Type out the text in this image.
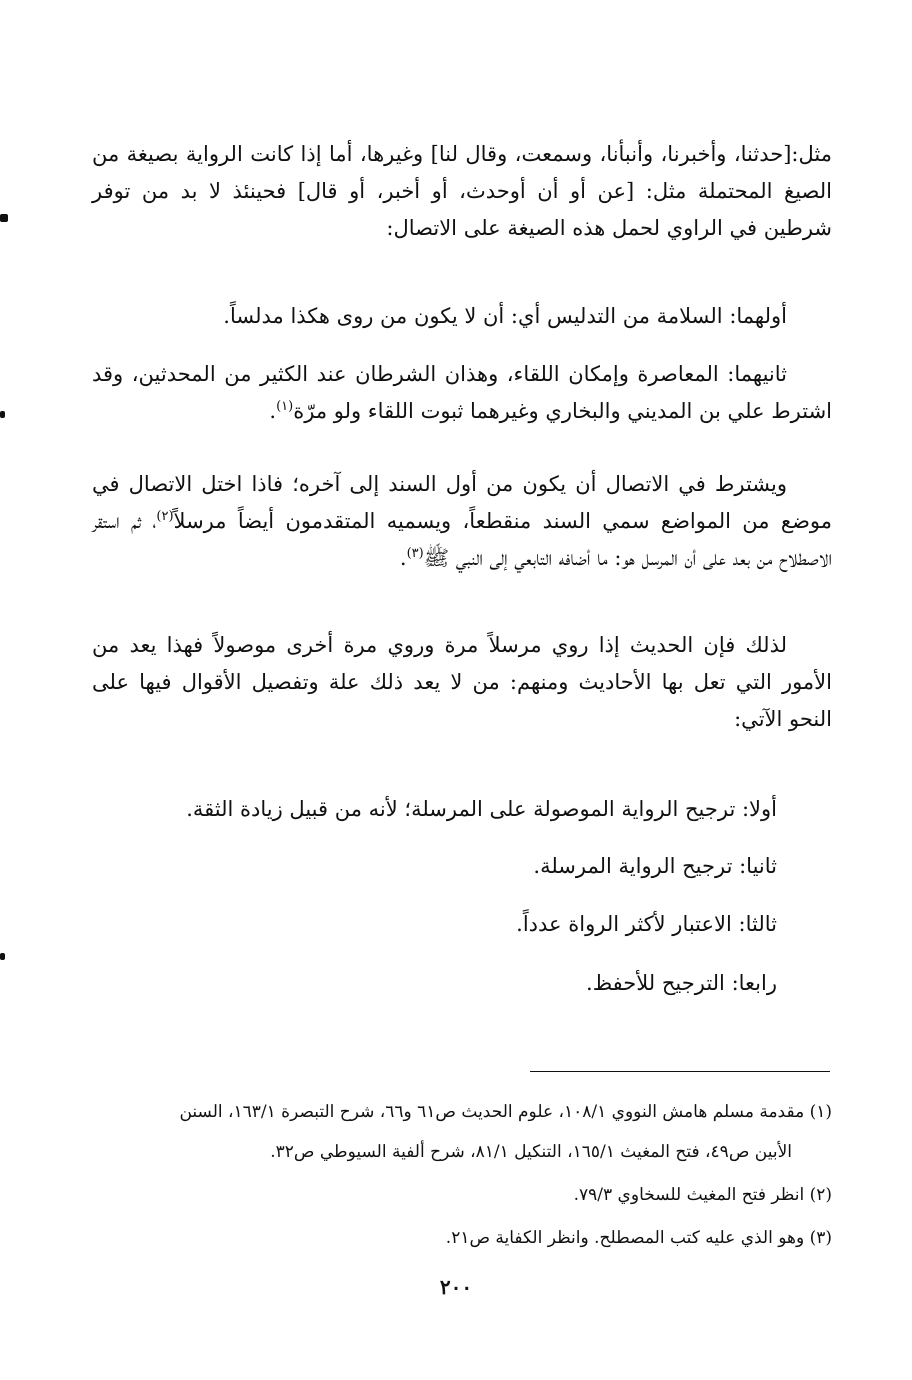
مثل:[حدثنا، وأخبرنا، وأنبأنا، وسمعت، وقال لنا] وغيرها، أما إذا كانت الرواية بصيغة من الصيغ المحتملة مثل: [عن أو أن أوحدث، أو أخبر، أو قال] فحينئذ لا بد من توفر شرطين في الراوي لحمل هذه الصيغة على الاتصال:

أولهما: السلامة من التدليس أي: أن لا يكون من روى هكذا مدلساً.

ثانيهما: المعاصرة وإمكان اللقاء، وهذان الشرطان عند الكثير من المحدثين، وقد اشترط علي بن المديني والبخاري وغيرهما ثبوت اللقاء ولو مرّة$^{(١)}$.

ويشترط في الاتصال أن يكون من أول السند إلى آخره؛ فاذا اختل الاتصال في موضع من المواضع سمي السند منقطعاً، ويسميه المتقدمون أيضاً مرسلاً$^{(٢)}$، ثم استقر الاصطلاح من بعد على أن المرسل هو: ما أضافه التابعي إلى النبي ﷺ$^{(٣)}$.

لذلك فإن الحديث إذا روي مرسلاً مرة وروي مرة أخرى موصولاً فهذا يعد من الأمور التي تعل بها الأحاديث ومنهم: من لا يعد ذلك علة وتفصيل الأقوال فيها على النحو الآتي:

أولا: ترجيح الرواية الموصولة على المرسلة؛ لأنه من قبيل زيادة الثقة.
ثانيا: ترجيح الرواية المرسلة.
ثالثا: الاعتبار لأكثر الرواة عدداً.
رابعا: الترجيح للأحفظ.

(١) مقدمة مسلم هامش النووي ١٠٨/١، علوم الحديث ص٦١ و٦٦، شرح التبصرة ١٦٣/١، السنن

الأبين ص٤٩، فتح المغيث ١٦٥/١، التنكيل ٨١/١، شرح ألفية السيوطي ص٣٢.

(٢) انظر فتح المغيث للسخاوي ٧٩/٣.

(٣) وهو الذي عليه كتب المصطلح. وانظر الكفاية ص٢١.

٢٠٠
